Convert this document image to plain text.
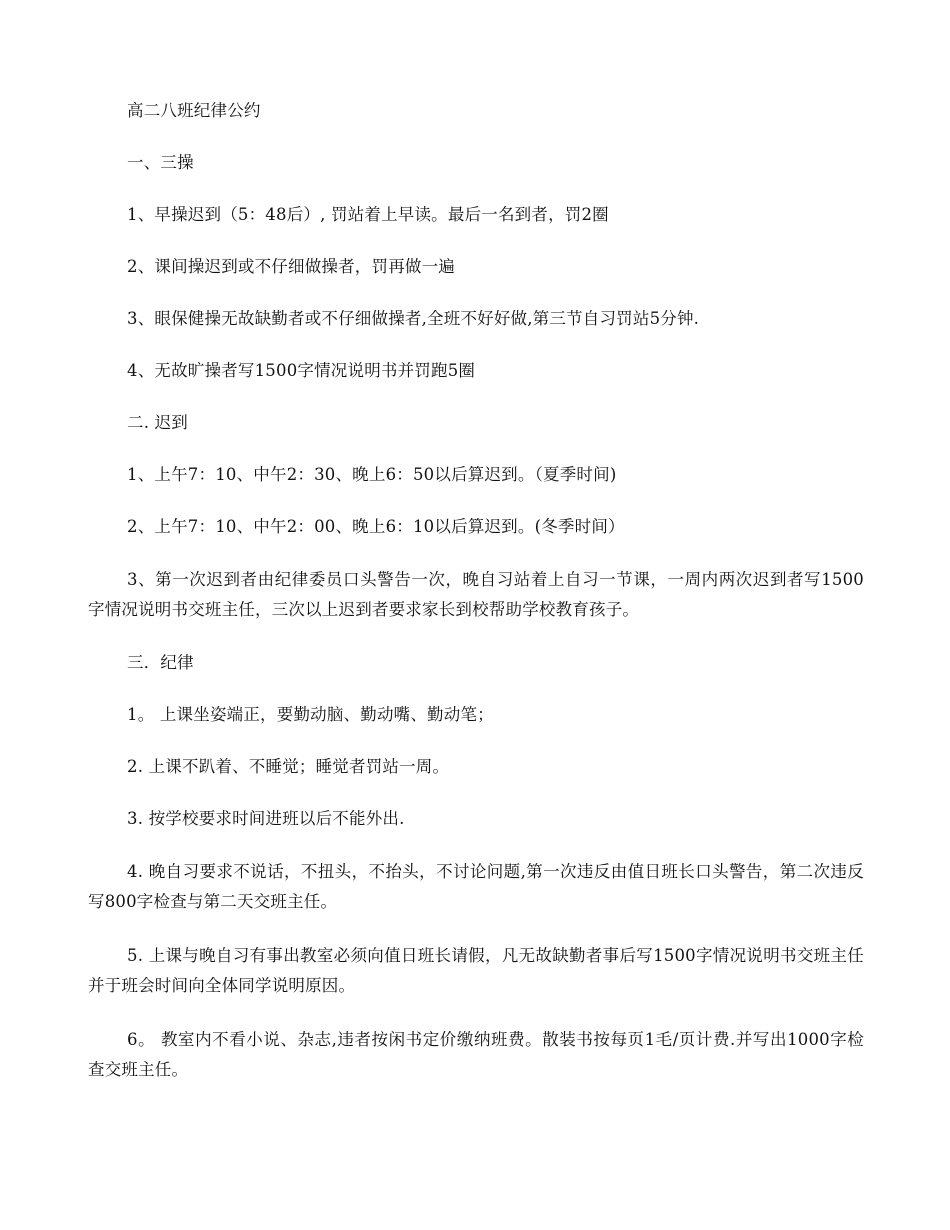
高二八班纪律公约

一、三操

1、早操迟到（5：48后）, 罚站着上早读。最后一名到者，罚2圈

2、课间操迟到或不仔细做操者，罚再做一遍

3、眼保健操无故缺勤者或不仔细做操者,全班不好好做,第三节自习罚站5分钟.

4、无故旷操者写1500字情况说明书并罚跑5圈

二. 迟到

1、上午7：10、中午2：30、晚上6：50以后算迟到。（夏季时间)

2、上午7：10、中午2：00、晚上6：10以后算迟到。(冬季时间）

3、第一次迟到者由纪律委员口头警告一次，晚自习站着上自习一节课，一周内两次迟到者写1500字情况说明书交班主任，三次以上迟到者要求家长到校帮助学校教育孩子。

三．纪律

1。 上课坐姿端正，要勤动脑、勤动嘴、勤动笔；

2. 上课不趴着、不睡觉；睡觉者罚站一周。

3. 按学校要求时间进班以后不能外出.

4. 晚自习要求不说话，不扭头，不抬头，不讨论问题,第一次违反由值日班长口头警告，第二次违反写800字检查与第二天交班主任。

5. 上课与晚自习有事出教室必须向值日班长请假，凡无故缺勤者事后写1500字情况说明书交班主任并于班会时间向全体同学说明原因。

6。 教室内不看小说、杂志,违者按闲书定价缴纳班费。散装书按每页1毛/页计费.并写出1000字检查交班主任。
